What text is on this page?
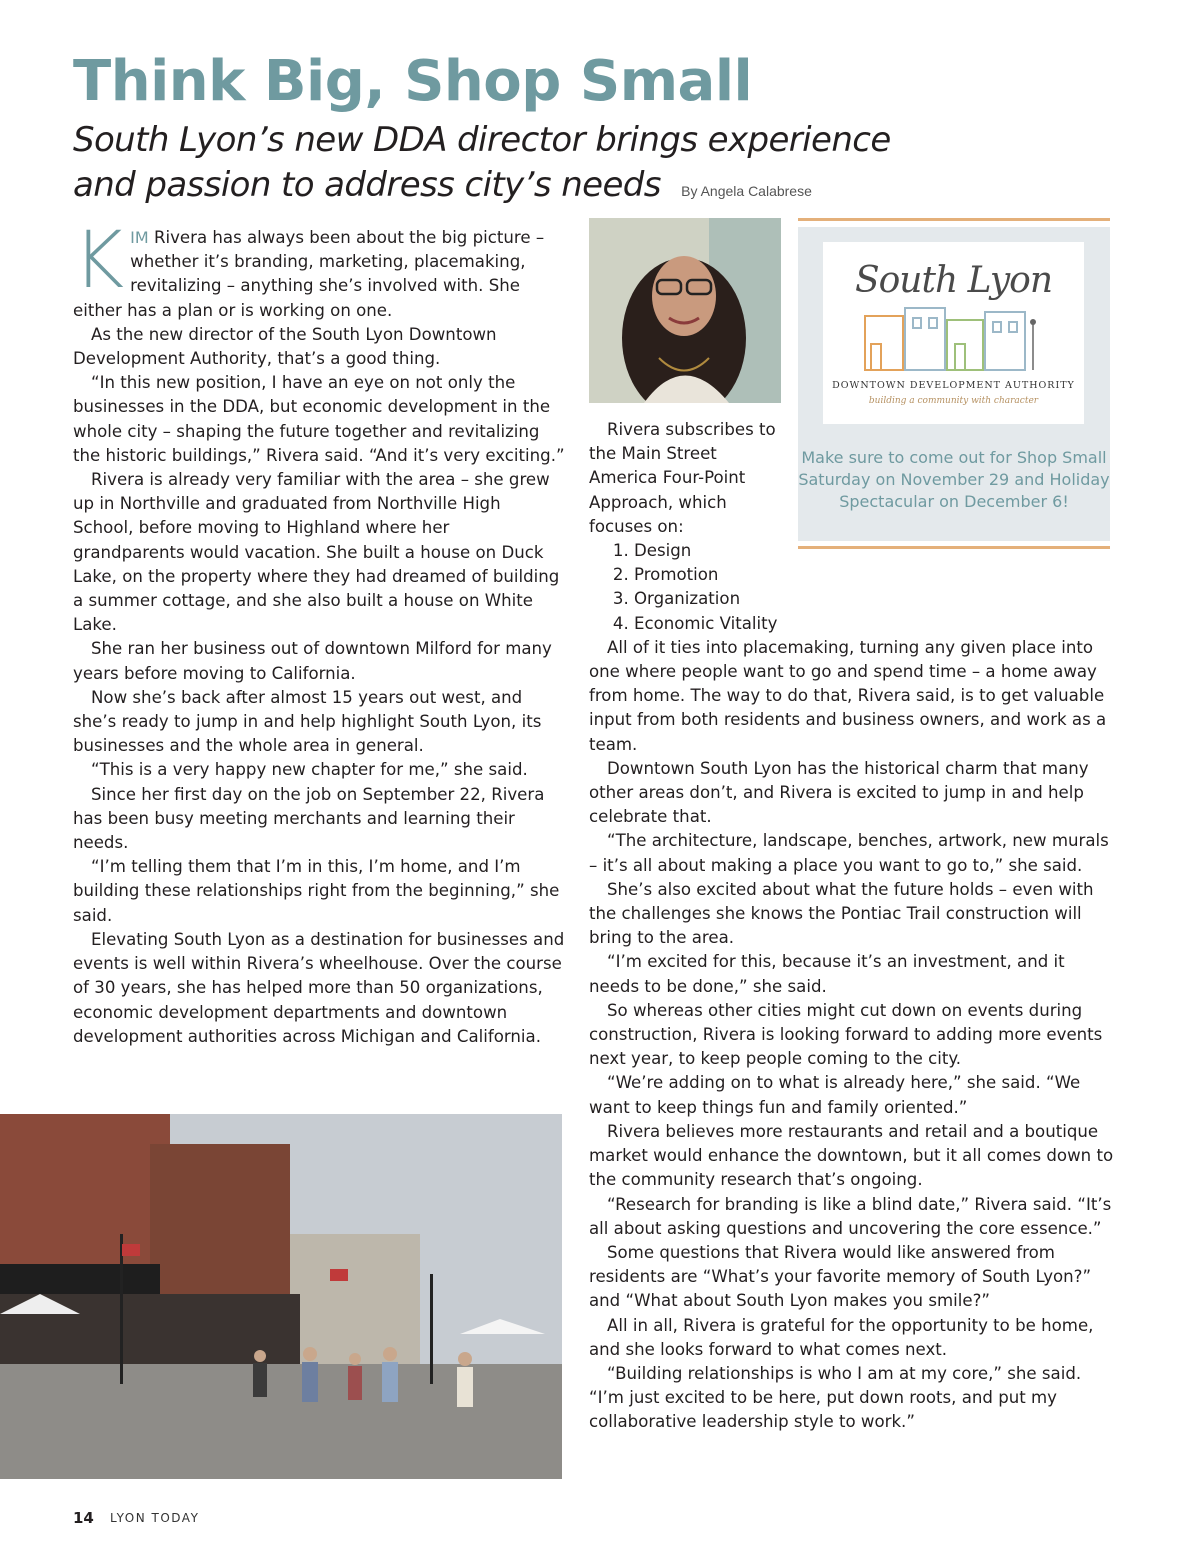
Think Big, Shop Small
South Lyon’s new DDA director brings experience
and passion to address city’s needs By Angela Calabrese

K IM Rivera has always been about the big picture – whether it’s branding, marketing, placemaking, revitalizing – anything she’s involved with. She either has a plan or is working on one.

As the new director of the South Lyon Downtown Development Authority, that’s a good thing.

“In this new position, I have an eye on not only the businesses in the DDA, but economic development in the whole city – shaping the future together and revitalizing the historic buildings,” Rivera said. “And it’s very exciting.”

Rivera is already very familiar with the area – she grew up in Northville and graduated from Northville High School, before moving to Highland where her grandparents would vacation. She built a house on Duck Lake, on the property where they had dreamed of building a summer cottage, and she also built a house on White Lake.

She ran her business out of downtown Milford for many years before moving to California.

Now she’s back after almost 15 years out west, and she’s ready to jump in and help highlight South Lyon, its businesses and the whole area in general.

“This is a very happy new chapter for me,” she said.

Since her first day on the job on September 22, Rivera has been busy meeting merchants and learning their needs.

“I’m telling them that I’m in this, I’m home, and I’m building these relationships right from the beginning,” she said.

Elevating South Lyon as a destination for businesses and events is well within Rivera’s wheelhouse. Over the course of 30 years, she has helped more than 50 organizations, economic development departments and downtown development authorities across Michigan and California.

Rivera subscribes to the Main Street America Four-Point Approach, which focuses on:

1. Design
2. Promotion
3. Organization
4. Economic Vitality

All of it ties into placemaking, turning any given place into one where people want to go and spend time – a home away from home. The way to do that, Rivera said, is to get valuable input from both residents and business owners, and work as a team.

Downtown South Lyon has the historical charm that many other areas don’t, and Rivera is excited to jump in and help celebrate that.

“The architecture, landscape, benches, artwork, new murals – it’s all about making a place you want to go to,” she said.

She’s also excited about what the future holds – even with the challenges she knows the Pontiac Trail construction will bring to the area.

“I’m excited for this, because it’s an investment, and it needs to be done,” she said.

So whereas other cities might cut down on events during construction, Rivera is looking forward to adding more events next year, to keep people coming to the city.

“We’re adding on to what is already here,” she said. “We want to keep things fun and family oriented.”

Rivera believes more restaurants and retail and a boutique market would enhance the downtown, but it all comes down to the community research that’s ongoing.

“Research for branding is like a blind date,” Rivera said. “It’s all about asking questions and uncovering the core essence.”

Some questions that Rivera would like answered from residents are “What’s your favorite memory of South Lyon?” and “What about South Lyon makes you smile?”

All in all, Rivera is grateful for the opportunity to be home, and she looks forward to what comes next.

“Building relationships is who I am at my core,” she said. “I’m just excited to be here, put down roots, and put my collaborative leadership style to work.”

South Lyon
DOWNTOWN DEVELOPMENT AUTHORITY
building a community with character
Make sure to come out for Shop Small Saturday on November 29 and Holiday Spectacular on December 6!
14 LYON TODAY
